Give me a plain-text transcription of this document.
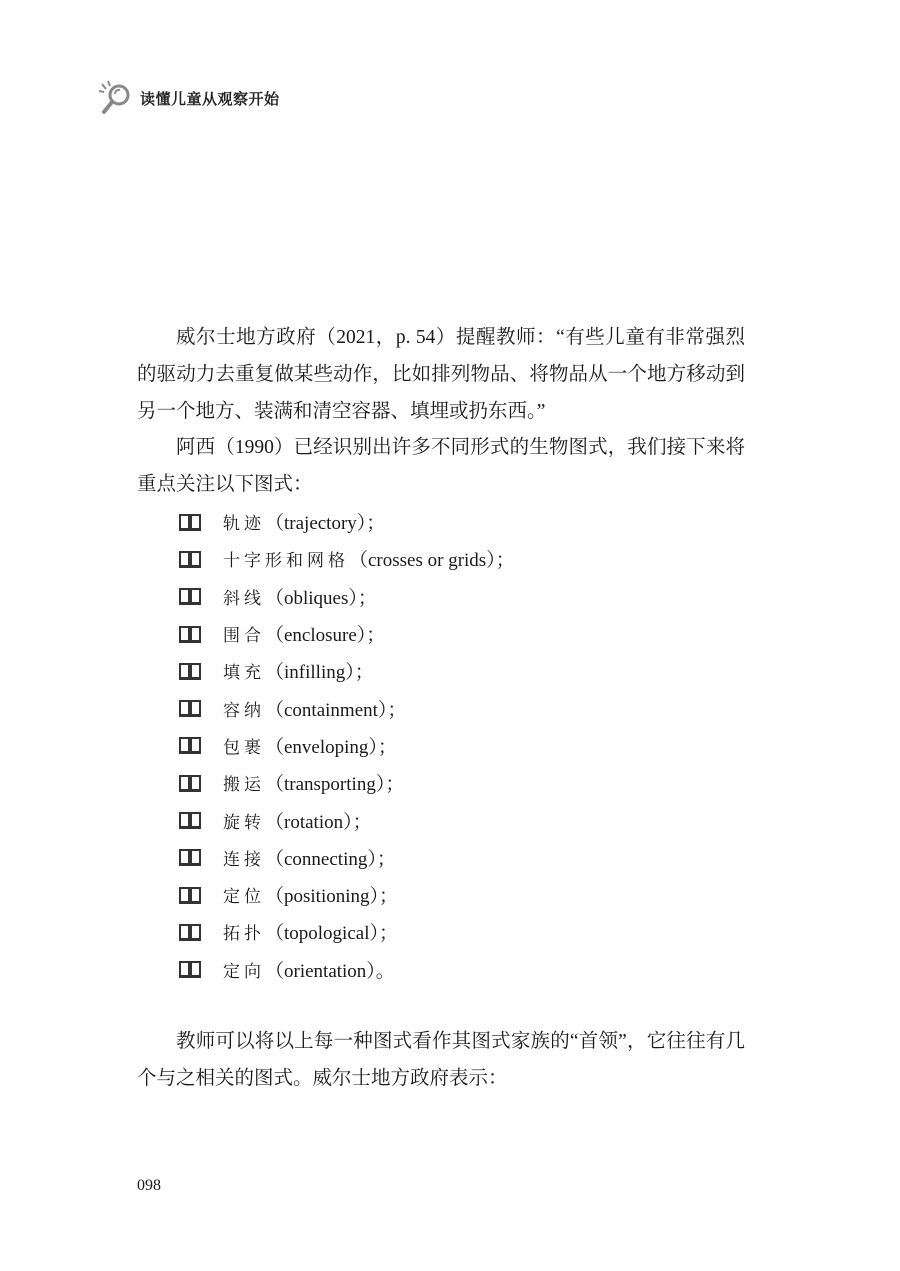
读懂儿童从观察开始

威尔士地方政府（2021，p. 54）提醒教师：“有些儿童有非常强烈的驱动力去重复做某些动作，比如排列物品、将物品从一个地方移动到另一个地方、装满和清空容器、填埋或扔东西。”

阿西（1990）已经识别出许多不同形式的生物图式，我们接下来将重点关注以下图式：

轨迹 （trajectory）；
十字形和网格 （crosses or grids）；
斜线 （obliques）；
围合 （enclosure）；
填充 （infilling）；
容纳 （containment）；
包裹 （enveloping）；
搬运 （transporting）；
旋转 （rotation）；
连接 （connecting）；
定位 （positioning）；
拓扑 （topological）；
定向 （orientation）。

教师可以将以上每一种图式看作其图式家族的“首领”，它往往有几个与之相关的图式。威尔士地方政府表示：

098
